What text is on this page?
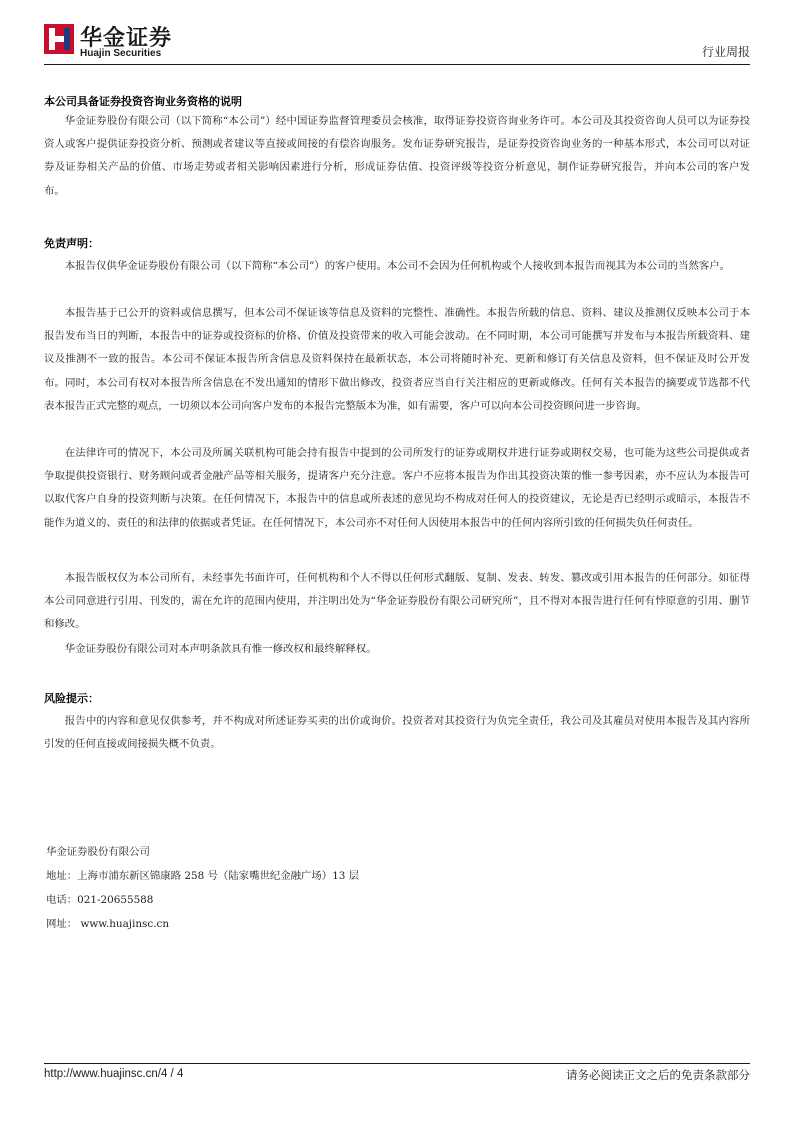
华金证券
Huajin Securities	行业周报
本公司具备证券投资咨询业务资格的说明

华金证券股份有限公司（以下简称“本公司”）经中国证券监督管理委员会核准，取得证券投资咨询业务许可。本公司及其投资咨询人员可以为证券投资人或客户提供证券投资分析、预测或者建议等直接或间接的有偿咨询服务。发布证券研究报告，是证券投资咨询业务的一种基本形式，本公司可以对证券及证券相关产品的价值、市场走势或者相关影响因素进行分析，形成证券估值、投资评级等投资分析意见，制作证券研究报告，并向本公司的客户发布。

免责声明：

本报告仅供华金证券股份有限公司（以下简称“本公司”）的客户使用。本公司不会因为任何机构或个人接收到本报告而视其为本公司的当然客户。

本报告基于已公开的资料或信息撰写，但本公司不保证该等信息及资料的完整性、准确性。本报告所载的信息、资料、建议及推测仅反映本公司于本报告发布当日的判断，本报告中的证券或投资标的价格、价值及投资带来的收入可能会波动。在不同时期，本公司可能撰写并发布与本报告所载资料、建议及推测不一致的报告。本公司不保证本报告所含信息及资料保持在最新状态，本公司将随时补充、更新和修订有关信息及资料，但不保证及时公开发布。同时，本公司有权对本报告所含信息在不发出通知的情形下做出修改，投资者应当自行关注相应的更新或修改。任何有关本报告的摘要或节选都不代表本报告正式完整的观点，一切须以本公司向客户发布的本报告完整版本为准，如有需要，客户可以向本公司投资顾问进一步咨询。

在法律许可的情况下，本公司及所属关联机构可能会持有报告中提到的公司所发行的证券或期权并进行证券或期权交易，也可能为这些公司提供或者争取提供投资银行、财务顾问或者金融产品等相关服务，提请客户充分注意。客户不应将本报告为作出其投资决策的惟一参考因素，亦不应认为本报告可以取代客户自身的投资判断与决策。在任何情况下，本报告中的信息或所表述的意见均不构成对任何人的投资建议，无论是否已经明示或暗示，本报告不能作为道义的、责任的和法律的依据或者凭证。在任何情况下，本公司亦不对任何人因使用本报告中的任何内容所引致的任何损失负任何责任。

本报告版权仅为本公司所有，未经事先书面许可，任何机构和个人不得以任何形式翻版、复制、发表、转发、篡改或引用本报告的任何部分。如征得本公司同意进行引用、刊发的，需在允许的范围内使用，并注明出处为“华金证券股份有限公司研究所”，且不得对本报告进行任何有悖原意的引用、删节和修改。

华金证券股份有限公司对本声明条款具有惟一修改权和最终解释权。

风险提示：

报告中的内容和意见仅供参考，并不构成对所述证券买卖的出价或询价。投资者对其投资行为负完全责任，我公司及其雇员对使用本报告及其内容所引发的任何直接或间接损失概不负责。

华金证券股份有限公司
地址：上海市浦东新区锦康路 258 号（陆家嘴世纪金融广场）13 层
电话：021-20655588
网址： www.huajinsc.cn
http://www.huajinsc.cn/4 / 4	请务必阅读正文之后的免责条款部分
